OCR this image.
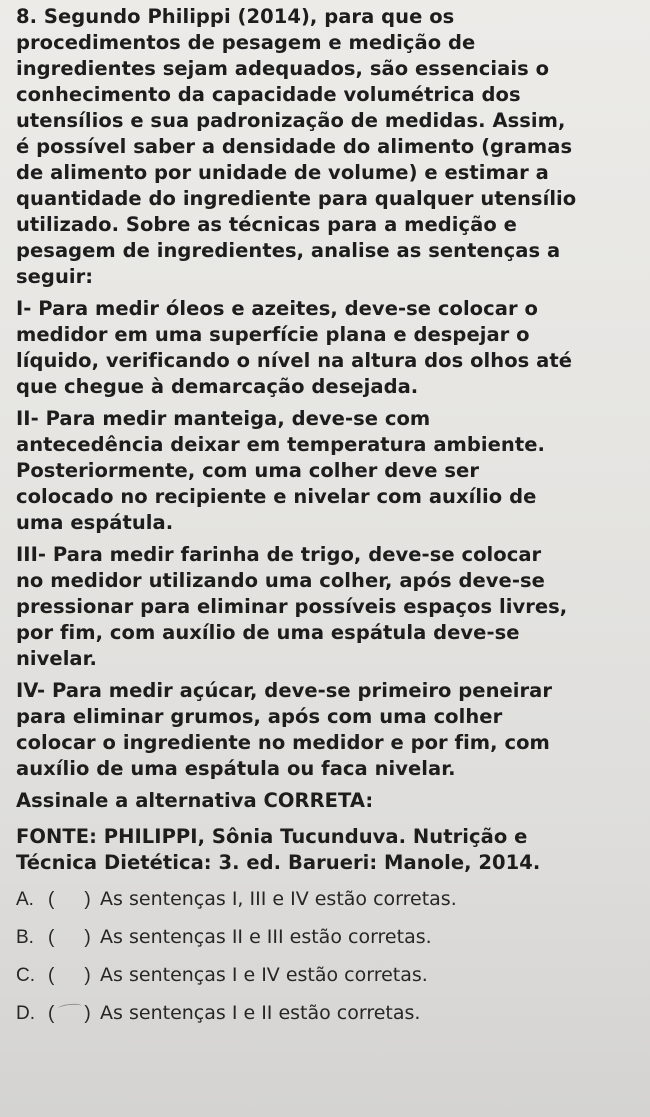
8. Segundo Philippi (2014), para que os
procedimentos de pesagem e medição de
ingredientes sejam adequados, são essenciais o
conhecimento da capacidade volumétrica dos
utensílios e sua padronização de medidas. Assim,
é possível saber a densidade do alimento (gramas
de alimento por unidade de volume) e estimar a
quantidade do ingrediente para qualquer utensílio
utilizado. Sobre as técnicas para a medição e
pesagem de ingredientes, analise as sentenças a
seguir:
I- Para medir óleos e azeites, deve-se colocar o
medidor em uma superfície plana e despejar o
líquido, verificando o nível na altura dos olhos até
que chegue à demarcação desejada.
II- Para medir manteiga, deve-se com
antecedência deixar em temperatura ambiente.
Posteriormente, com uma colher deve ser
colocado no recipiente e nivelar com auxílio de
uma espátula.
III- Para medir farinha de trigo, deve-se colocar
no medidor utilizando uma colher, após deve-se
pressionar para eliminar possíveis espaços livres,
por fim, com auxílio de uma espátula deve-se
nivelar.
IV- Para medir açúcar, deve-se primeiro peneirar
para eliminar grumos, após com uma colher
colocar o ingrediente no medidor e por fim, com
auxílio de uma espátula ou faca nivelar.
Assinale a alternativa CORRETA:
FONTE: PHILIPPI, Sônia Tucunduva. Nutrição e
Técnica Dietética: 3. ed. Barueri: Manole, 2014.
A. ( ) As sentenças I, III e IV estão corretas.
B. ( ) As sentenças II e III estão corretas.
C. ( ) As sentenças I e IV estão corretas.
D. ( ) As sentenças I e II estão corretas.
